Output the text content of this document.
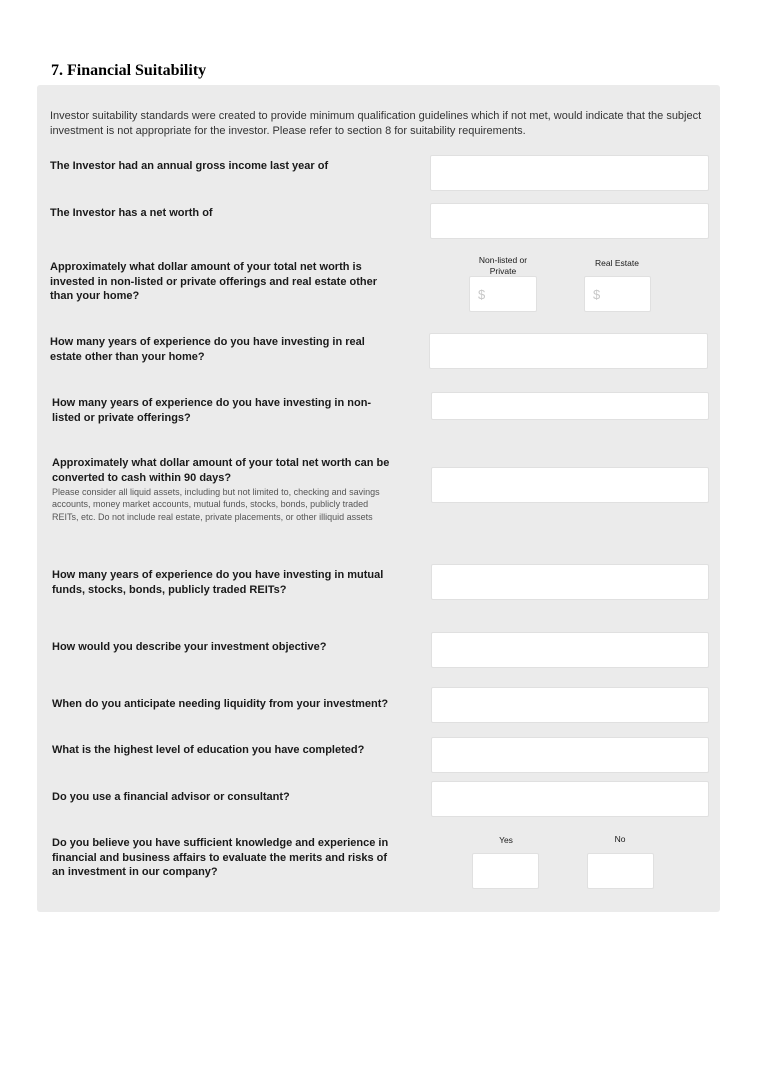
7. Financial Suitability

Investor suitability standards were created to provide minimum qualification guidelines which if not met, would indicate that the subject investment is not appropriate for the investor. Please refer to section 8 for suitability requirements.

The Investor had an annual gross income last year of

The Investor has a net worth of

Approximately what dollar amount of your total net worth is invested in non-listed or private offerings and real estate other than your home?

Non-listed or Private

Real Estate

$
$

How many years of experience do you have investing in real estate other than your home?

How many years of experience do you have investing in non-listed or private offerings?

Approximately what dollar amount of your total net worth can be converted to cash within 90 days?

Please consider all liquid assets, including but not limited to, checking and savings accounts, money market accounts, mutual funds, stocks, bonds, publicly traded REITs, etc. Do not include real estate, private placements, or other illiquid assets

How many years of experience do you have investing in mutual funds, stocks, bonds, publicly traded REITs?

How would you describe your investment objective?

When do you anticipate needing liquidity from your investment?

What is the highest level of education you have completed?

Do you use a financial advisor or consultant?

Do you believe you have sufficient knowledge and experience in financial and business affairs to evaluate the merits and risks of an investment in our company?

Yes	No
